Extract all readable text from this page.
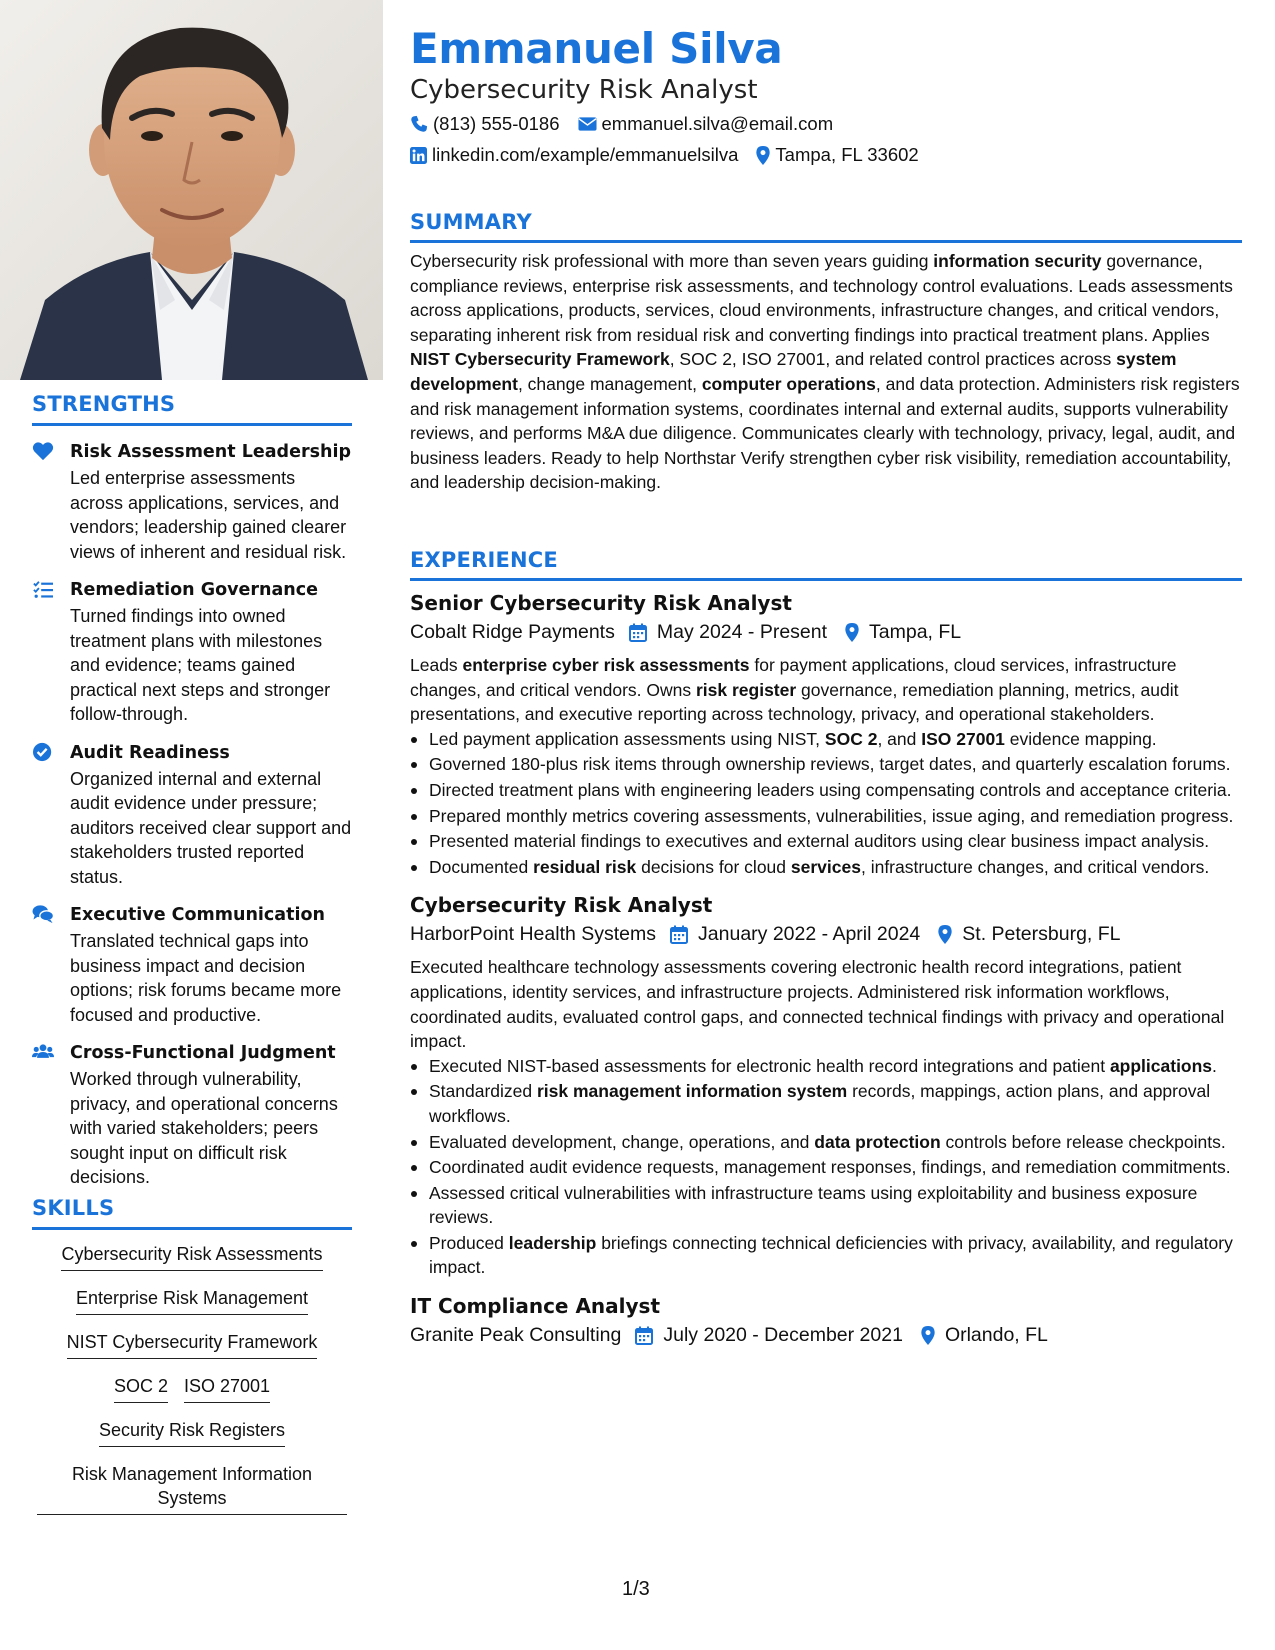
STRENGTHS
Risk Assessment Leadership
Led enterprise assessments across applications, services, and vendors; leadership gained clearer views of inherent and residual risk.
Remediation Governance
Turned findings into owned treatment plans with milestones and evidence; teams gained practical next steps and stronger follow-through.
Audit Readiness
Organized internal and external audit evidence under pressure; auditors received clear support and stakeholders trusted reported status.
Executive Communication
Translated technical gaps into business impact and decision options; risk forums became more focused and productive.
Cross-Functional Judgment
Worked through vulnerability, privacy, and operational concerns with varied stakeholders; peers sought input on difficult risk decisions.
SKILLS
Cybersecurity Risk Assessments
Enterprise Risk Management
NIST Cybersecurity Framework
SOC 2 ISO 27001
Security Risk Registers
Risk Management Information Systems
Emmanuel Silva
Cybersecurity Risk Analyst
(813) 555-0186 emmanuel.silva@email.com
linkedin.com/example/emmanuelsilva Tampa, FL 33602
SUMMARY
Cybersecurity risk professional with more than seven years guiding information security governance, compliance reviews, enterprise risk assessments, and technology control evaluations. Leads assessments across applications, products, services, cloud environments, infrastructure changes, and critical vendors, separating inherent risk from residual risk and converting findings into practical treatment plans. Applies NIST Cybersecurity Framework, SOC 2, ISO 27001, and related control practices across system development, change management, computer operations, and data protection. Administers risk registers and risk management information systems, coordinates internal and external audits, supports vulnerability reviews, and performs M&A due diligence. Communicates clearly with technology, privacy, legal, audit, and business leaders. Ready to help Northstar Verify strengthen cyber risk visibility, remediation accountability, and leadership decision-making.
EXPERIENCE
Senior Cybersecurity Risk Analyst
Cobalt Ridge Payments May 2024 - Present Tampa, FL
Leads enterprise cyber risk assessments for payment applications, cloud services, infrastructure changes, and critical vendors. Owns risk register governance, remediation planning, metrics, audit presentations, and executive reporting across technology, privacy, and operational stakeholders.
Led payment application assessments using NIST, SOC 2, and ISO 27001 evidence mapping.
Governed 180-plus risk items through ownership reviews, target dates, and quarterly escalation forums.
Directed treatment plans with engineering leaders using compensating controls and acceptance criteria.
Prepared monthly metrics covering assessments, vulnerabilities, issue aging, and remediation progress.
Presented material findings to executives and external auditors using clear business impact analysis.
Documented residual risk decisions for cloud services, infrastructure changes, and critical vendors.
Cybersecurity Risk Analyst
HarborPoint Health Systems January 2022 - April 2024 St. Petersburg, FL
Executed healthcare technology assessments covering electronic health record integrations, patient applications, identity services, and infrastructure projects. Administered risk information workflows, coordinated audits, evaluated control gaps, and connected technical findings with privacy and operational impact.
Executed NIST-based assessments for electronic health record integrations and patient applications.
Standardized risk management information system records, mappings, action plans, and approval workflows.
Evaluated development, change, operations, and data protection controls before release checkpoints.
Coordinated audit evidence requests, management responses, findings, and remediation commitments.
Assessed critical vulnerabilities with infrastructure teams using exploitability and business exposure reviews.
Produced leadership briefings connecting technical deficiencies with privacy, availability, and regulatory impact.
IT Compliance Analyst
Granite Peak Consulting July 2020 - December 2021 Orlando, FL
1/3
